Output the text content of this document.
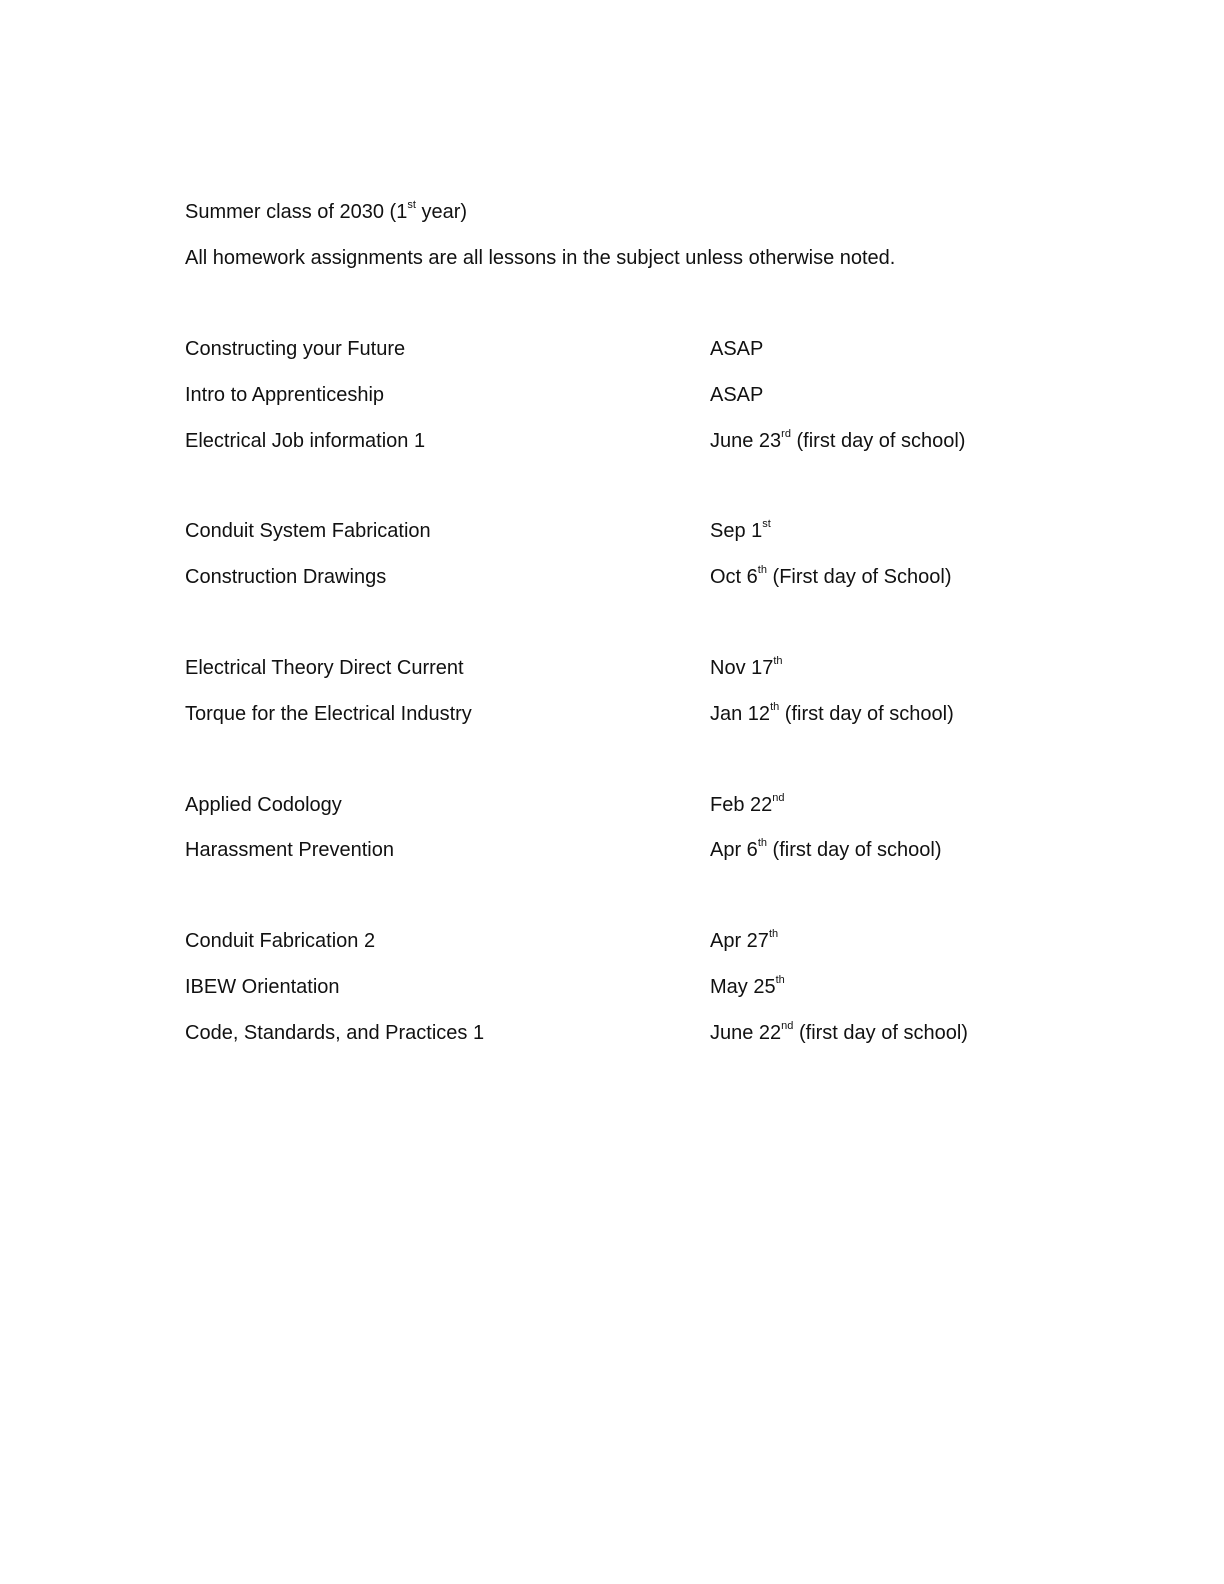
Summer class of 2030 (1st year)
All homework assignments are all lessons in the subject unless otherwise noted.
Constructing your Future	ASAP
Intro to Apprenticeship	ASAP
Electrical Job information 1	June 23rd (first day of school)
Conduit System Fabrication	Sep 1st
Construction Drawings	Oct 6th (First day of School)
Electrical Theory Direct Current	Nov 17th
Torque for the Electrical Industry	Jan 12th (first day of school)
Applied Codology	Feb 22nd
Harassment Prevention	Apr 6th (first day of school)
Conduit Fabrication 2	Apr 27th
IBEW Orientation	May 25th
Code, Standards, and Practices 1	June 22nd (first day of school)
